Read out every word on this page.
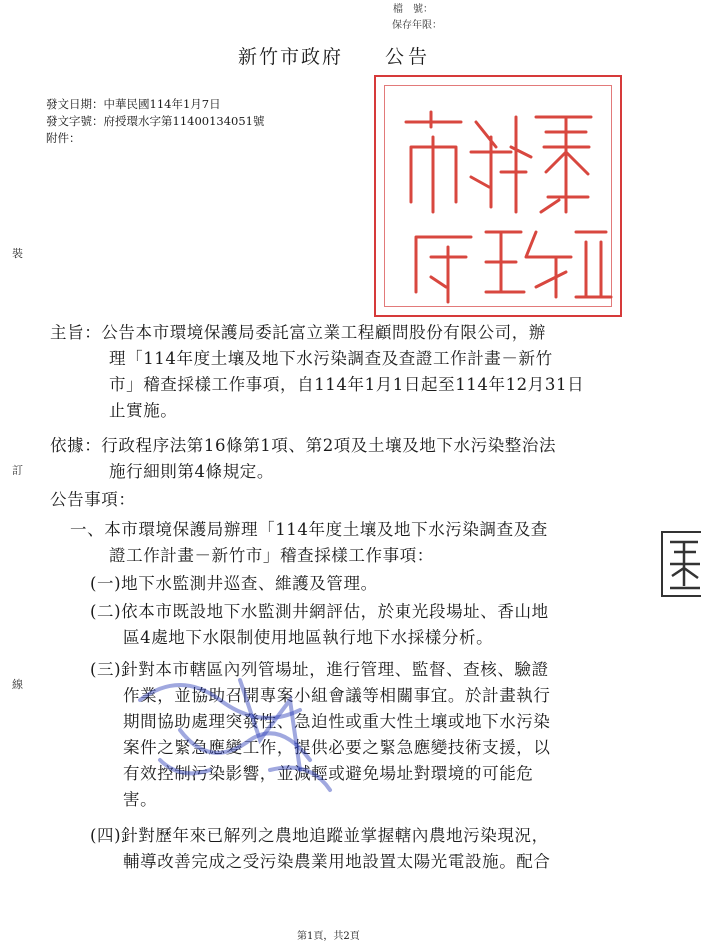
檔　號：
保存年限：
新竹市政府 公告
發文日期：中華民國114年1月7日
發文字號：府授環水字第11400134051號
附件：
裝
訂
線
主旨：公告本市環境保護局委託富立業工程顧問股份有限公司，辦
理「114年度土壤及地下水污染調查及查證工作計畫－新竹
市」稽查採樣工作事項，自114年1月1日起至114年12月31日
止實施。
依據：行政程序法第16條第1項、第2項及土壤及地下水污染整治法
施行細則第4條規定。
公告事項：
一、本市環境保護局辦理「114年度土壤及地下水污染調查及查
證工作計畫－新竹市」稽查採樣工作事項：
(一)地下水監測井巡查、維護及管理。
(二)依本市既設地下水監測井網評估，於東光段場址、香山地
區4處地下水限制使用地區執行地下水採樣分析。
(三)針對本市轄區內列管場址，進行管理、監督、查核、驗證
作業，並協助召開專案小組會議等相關事宜。於計畫執行
期間協助處理突發性、急迫性或重大性土壤或地下水污染
案件之緊急應變工作，提供必要之緊急應變技術支援，以
有效控制污染影響，並減輕或避免場址對環境的可能危
害。
(四)針對歷年來已解列之農地追蹤並掌握轄內農地污染現況，
輔導改善完成之受污染農業用地設置太陽光電設施。配合
第1頁，共2頁
